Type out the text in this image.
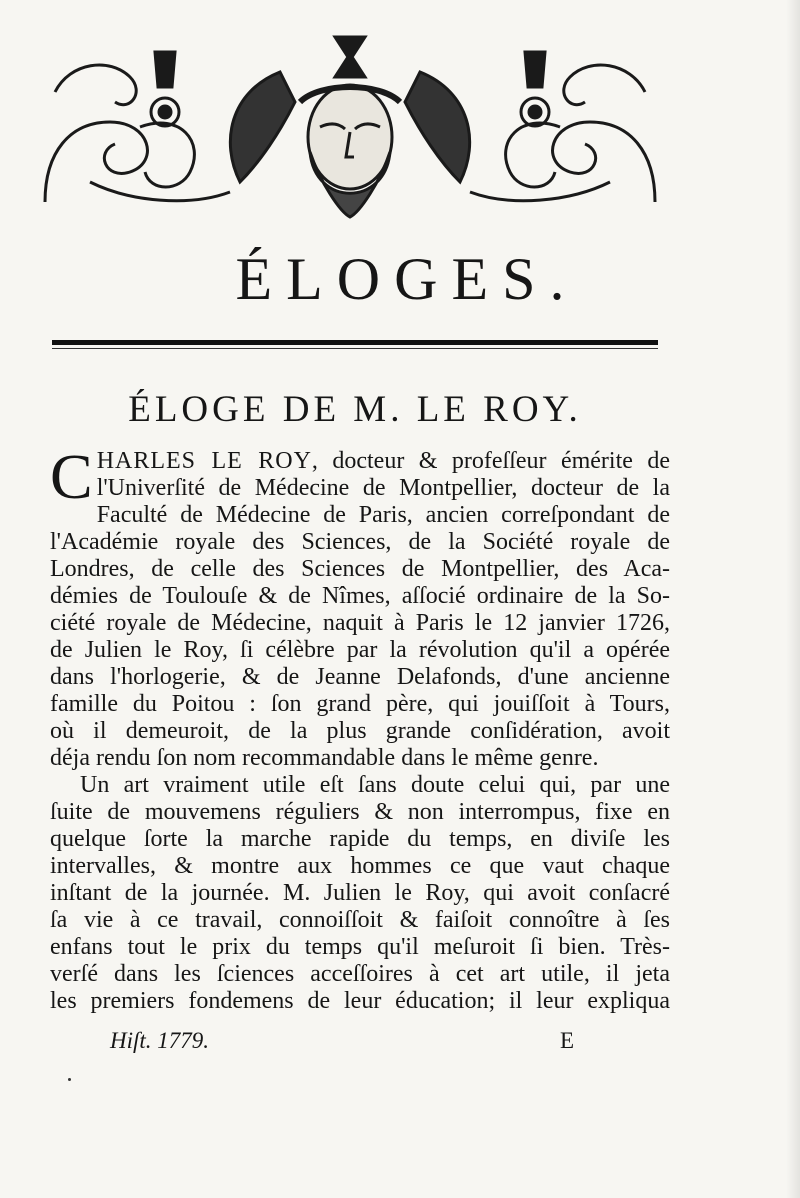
ÉLOGES.
ÉLOGE DE M. LE ROY.
C HARLES LE ROY, docteur & profeſſeur émérite de
l'Univerſité de Médecine de Montpellier, docteur de la
Faculté de Médecine de Paris, ancien correſpondant de
l'Académie royale des Sciences, de la Société royale de
Londres, de celle des Sciences de Montpellier, des Aca-
démies de Toulouſe & de Nîmes, aſſocié ordinaire de la So-
ciété royale de Médecine, naquit à Paris le 12 janvier 1726,
de Julien le Roy, ſi célèbre par la révolution qu'il a opérée
dans l'horlogerie, & de Jeanne Delafonds, d'une ancienne
famille du Poitou : ſon grand père, qui jouiſſoit à Tours,
où il demeuroit, de la plus grande conſidération, avoit
déja rendu ſon nom recommandable dans le même genre.
Un art vraiment utile eſt ſans doute celui qui, par une
ſuite de mouvemens réguliers & non interrompus, fixe en
quelque ſorte la marche rapide du temps, en diviſe les
intervalles, & montre aux hommes ce que vaut chaque
inſtant de la journée. M. Julien le Roy, qui avoit conſacré
ſa vie à ce travail, connoiſſoit & faiſoit connoître à ſes
enfans tout le prix du temps qu'il meſuroit ſi bien. Très-
verſé dans les ſciences acceſſoires à cet art utile, il jeta
les premiers fondemens de leur éducation; il leur expliqua
Hiſt. 1779.	E
